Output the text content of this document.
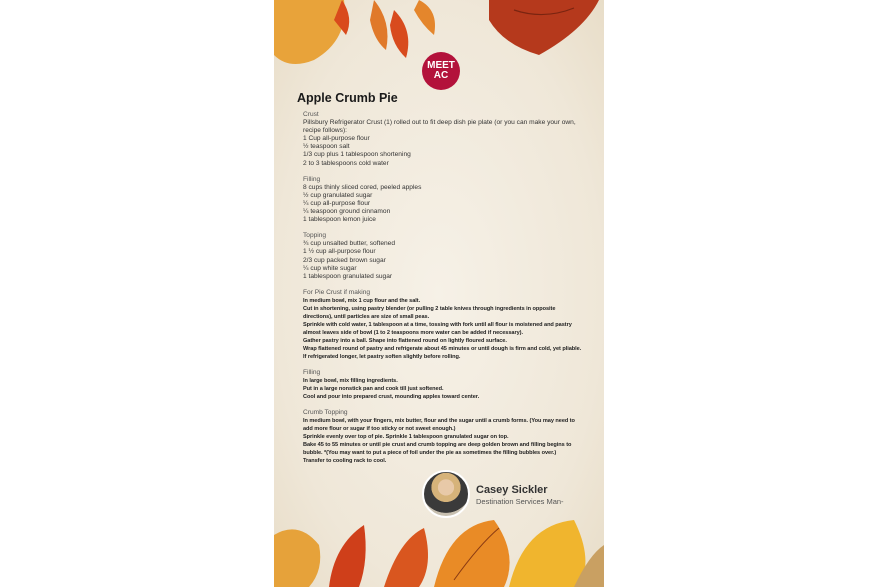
MEET
AC
Apple Crumb Pie
Crust
Pillsbury Refrigerator Crust (1) rolled out to fit deep dish pie plate (or you can make your own, recipe follows):
1 Cup all-purpose flour
½ teaspoon salt
1/3 cup plus 1 tablespoon shortening
2 to 3 tablespoons cold water
Filling
8 cups thinly sliced cored, peeled apples
½ cup granulated sugar
¼ cup all-purpose flour
¼ teaspoon ground cinnamon
1 tablespoon lemon juice
Topping
¾ cup unsalted butter, softened
1 ½ cup all-purpose flour
2/3 cup packed brown sugar
¼ cup white sugar
1 tablespoon granulated sugar
For Pie Crust if making
In medium bowl, mix 1 cup flour and the salt.
Cut in shortening, using pastry blender (or pulling 2 table knives through ingredients in opposite directions), until particles are size of small peas.
Sprinkle with cold water, 1 tablespoon at a time, tossing with fork until all flour is moistened and pastry almost leaves side of bowl (1 to 2 teaspoons more water can be added if necessary).
Gather pastry into a ball. Shape into flattened round on lightly floured surface.
Wrap flattened round of pastry and refrigerate about 45 minutes or until dough is firm and cold, yet pliable.
If refrigerated longer, let pastry soften slightly before rolling.
Filling
In large bowl, mix filling ingredients.
Put in a large nonstick pan and cook till just softened.
Cool and pour into prepared crust, mounding apples toward center.
Crumb Topping
In medium bowl, with your fingers, mix butter, flour and the sugar until a crumb forms. (You may need to add more flour or sugar if too sticky or not sweet enough.)
Sprinkle evenly over top of pie. Sprinkle 1 tablespoon granulated sugar on top.
Bake 45 to 55 minutes or until pie crust and crumb topping are deep golden brown and filling begins to bubble. *(You may want to put a piece of foil under the pie as sometimes the filling bubbles over.)
Transfer to cooling rack to cool.
Casey Sickler
Destination Services Man-
